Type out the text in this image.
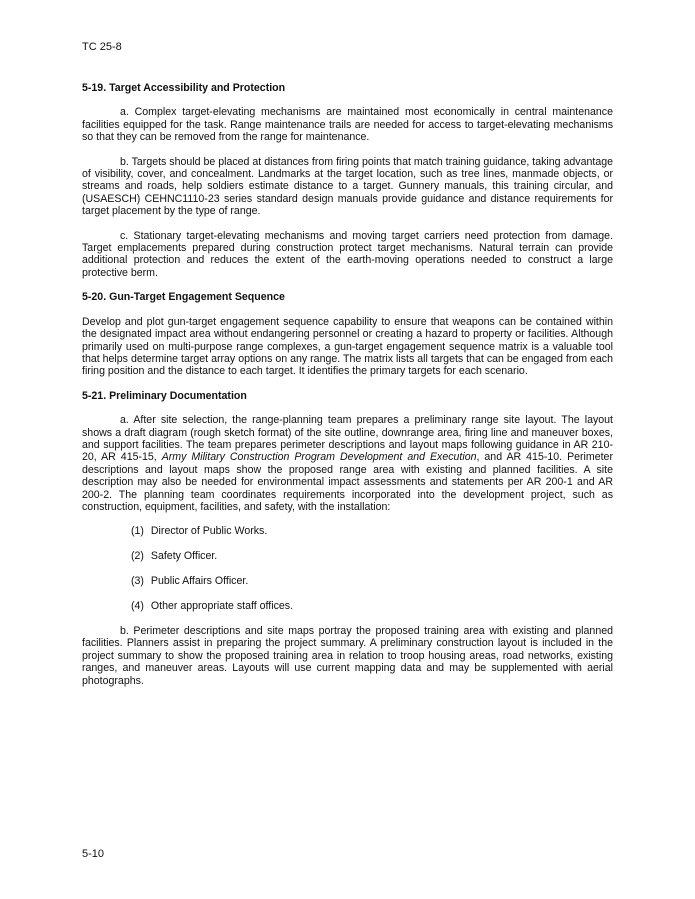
TC 25-8
5-19. Target Accessibility and Protection

a. Complex target-elevating mechanisms are maintained most economically in central maintenance facilities equipped for the task. Range maintenance trails are needed for access to target-elevating mechanisms so that they can be removed from the range for maintenance.

b. Targets should be placed at distances from firing points that match training guidance, taking advantage of visibility, cover, and concealment. Landmarks at the target location, such as tree lines, manmade objects, or streams and roads, help soldiers estimate distance to a target. Gunnery manuals, this training circular, and (USAESCH) CEHNC1110-23 series standard design manuals provide guidance and distance requirements for target placement by the type of range.

c. Stationary target-elevating mechanisms and moving target carriers need protection from damage. Target emplacements prepared during construction protect target mechanisms. Natural terrain can provide additional protection and reduces the extent of the earth-moving operations needed to construct a large protective berm.

5-20. Gun-Target Engagement Sequence

Develop and plot gun-target engagement sequence capability to ensure that weapons can be contained within the designated impact area without endangering personnel or creating a hazard to property or facilities. Although primarily used on multi-purpose range complexes, a gun-target engagement sequence matrix is a valuable tool that helps determine target array options on any range. The matrix lists all targets that can be engaged from each firing position and the distance to each target. It identifies the primary targets for each scenario.

5-21. Preliminary Documentation

a. After site selection, the range-planning team prepares a preliminary range site layout. The layout shows a draft diagram (rough sketch format) of the site outline, downrange area, firing line and maneuver boxes, and support facilities. The team prepares perimeter descriptions and layout maps following guidance in AR 210-20, AR 415-15, Army Military Construction Program Development and Execution, and AR 415-10. Perimeter descriptions and layout maps show the proposed range area with existing and planned facilities. A site description may also be needed for environmental impact assessments and statements per AR 200-1 and AR 200-2. The planning team coordinates requirements incorporated into the development project, such as construction, equipment, facilities, and safety, with the installation:

(1) Director of Public Works.
(2) Safety Officer.
(3) Public Affairs Officer.
(4) Other appropriate staff offices.

b. Perimeter descriptions and site maps portray the proposed training area with existing and planned facilities. Planners assist in preparing the project summary. A preliminary construction layout is included in the project summary to show the proposed training area in relation to troop housing areas, road networks, existing ranges, and maneuver areas. Layouts will use current mapping data and may be supplemented with aerial photographs.

5-10
